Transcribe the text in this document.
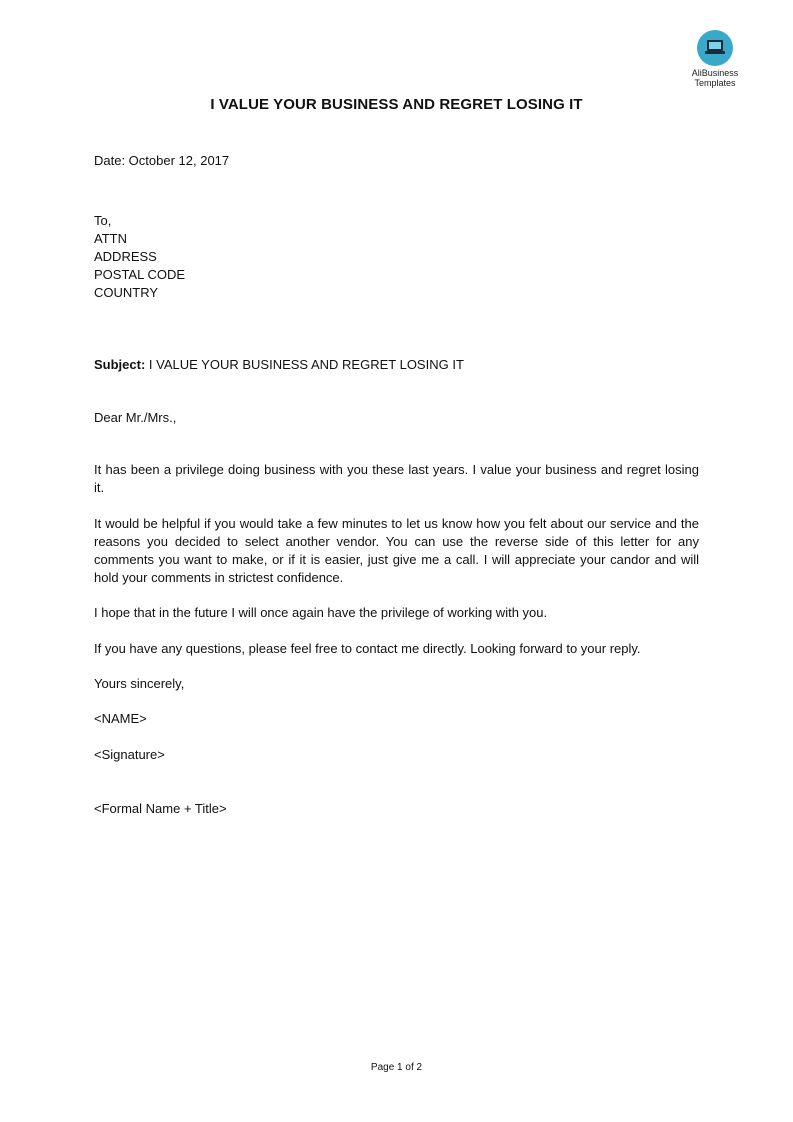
AliBusiness
Templates
I VALUE YOUR BUSINESS AND REGRET LOSING IT
Date: October 12, 2017
To,
ATTN
ADDRESS
POSTAL CODE
COUNTRY
Subject: I VALUE YOUR BUSINESS AND REGRET LOSING IT
Dear Mr./Mrs.,
It has been a privilege doing business with you these last years. I value your business and regret losing it.
It would be helpful if you would take a few minutes to let us know how you felt about our service and the reasons you decided to select another vendor. You can use the reverse side of this letter for any comments you want to make, or if it is easier, just give me a call. I will appreciate your candor and will hold your comments in strictest confidence.
I hope that in the future I will once again have the privilege of working with you.
If you have any questions, please feel free to contact me directly. Looking forward to your reply.
Yours sincerely,
<NAME>
<Signature>
<Formal Name + Title>
Page 1 of 2
